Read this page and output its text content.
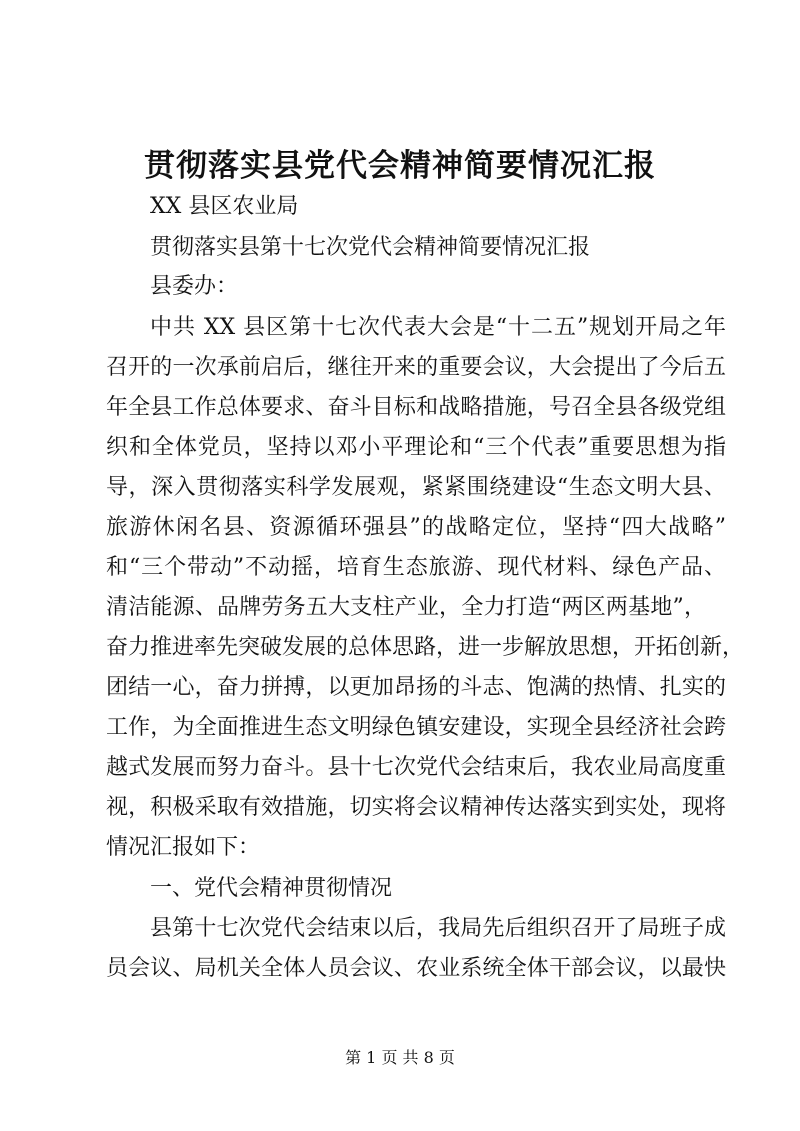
贯彻落实县党代会精神简要情况汇报
XX 县区农业局
贯彻落实县第十七次党代会精神简要情况汇报
县委办：
中共 XX 县区第十七次代表大会是“十二五”规划开局之年
召开的一次承前启后，继往开来的重要会议，大会提出了今后五
年全县工作总体要求、奋斗目标和战略措施，号召全县各级党组
织和全体党员，坚持以邓小平理论和“三个代表”重要思想为指
导，深入贯彻落实科学发展观，紧紧围绕建设“生态文明大县、
旅游休闲名县、资源循环强县”的战略定位，坚持“四大战略”
和“三个带动”不动摇，培育生态旅游、现代材料、绿色产品、
清洁能源、品牌劳务五大支柱产业，全力打造“两区两基地”，
奋力推进率先突破发展的总体思路，进一步解放思想，开拓创新，
团结一心，奋力拼搏，以更加昂扬的斗志、饱满的热情、扎实的
工作，为全面推进生态文明绿色镇安建设，实现全县经济社会跨
越式发展而努力奋斗。县十七次党代会结束后，我农业局高度重
视，积极采取有效措施，切实将会议精神传达落实到实处，现将
情况汇报如下：
一、党代会精神贯彻情况
县第十七次党代会结束以后，我局先后组织召开了局班子成
员会议、局机关全体人员会议、农业系统全体干部会议，以最快
第 1 页 共 8 页
